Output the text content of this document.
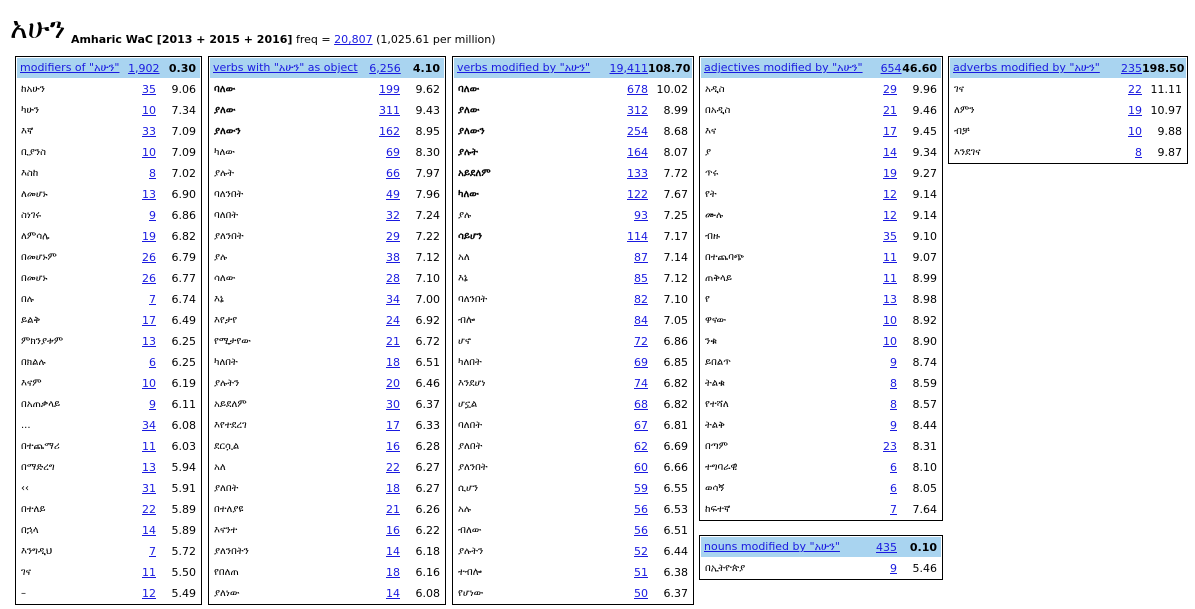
አሁን Amharic WaC [2013 + 2015 + 2016] freq = 20,807 (1,025.61 per million)
modifiers of "አሁን" 1,902 0.30
ከአሁን	35	9.06
ካሁን	10	7.34
እኛ	33	7.09
ቢያንስ	10	7.09
እስከ	8	7.02
ለመሆኑ	13	6.90
ስነገሩ	9	6.86
ለምሳሌ	19	6.82
በመሆኑም	26	6.79
በመሆኑ	26	6.77
በሉ	7	6.74
ይልቅ	17	6.49
ምክንያቱም	13	6.25
በክልሉ	6	6.25
እናም	10	6.19
በአጠቃላይ	9	6.11
...	34	6.08
በተጨማሪ	11	6.03
በማድረግ	13	5.94
‹‹	31	5.91
በተለይ	22	5.89
በኋላ	14	5.89
እንግዲህ	7	5.72
ገና	11	5.50
–	12	5.49
verbs with "አሁን" as object	6,256	4.10
ባለው	199	9.62
ያለው	311	9.43
ያለውን	162	8.95
ካለው	69	8.30
ያሉት	66	7.97
ባለንበት	49	7.96
ባለበት	32	7.24
ያለንበት	29	7.22
ያሉ	38	7.12
ሳለው	28	7.10
እኔ	34	7.00
እየታየ	24	6.92
የሚታየው	21	6.72
ካለበት	18	6.51
ያሉትን	20	6.46
አይደለም	30	6.37
እየተደረገ	17	6.33
ደርሷል	16	6.28
አለ	22	6.27
ያለበት	18	6.27
በተለያዩ	21	6.26
እናንተ	16	6.22
ያለንበትን	14	6.18
የበለጠ	18	6.16
ያለነው	14	6.08
verbs modified by "አሁን"	19,411 108.70
ባለው	678 10.02
ያለው	312	8.99
ያለውን	254	8.68
ያሉት	164	8.07
አይደለም	133	7.72
ካለው	122	7.67
ያሉ	93	7.25
ሳይሆን	114	7.17
አለ	87	7.14
እኔ	85	7.12
ባለንበት	82	7.10
ብሎ	84	7.05
ሆኖ	72	6.86
ካለበት	69	6.85
እንደሆነ	74	6.82
ሆኗል	68	6.82
ባለበት	67	6.81
ያለበት	62	6.69
ያለንበት	60	6.66
ሲሆን	59	6.55
አሉ	56	6.53
ብለው	56	6.51
ያሉትን	52	6.44
ተብሎ	51	6.38
የሆነው	50	6.37
adjectives modified by "አሁን"	654 46.60
አዲስ	29	9.96
በአዲስ	21	9.46
እና	17	9.45
ያ	14	9.34
ጥሩ	19	9.27
የት	12	9.14
ሙሉ	12	9.14
ብዙ	35	9.10
በተጨባጭ	11	9.07
ጠቅላይ	11	8.99
የ	13	8.98
ዋናው	10	8.92
ንቁ	10	8.90
ይበልጥ	9	8.74
ትልቁ	8	8.59
የተሻለ	8	8.57
ትልቅ	9	8.44
በጣም	23	8.31
ተግባራዊ	6	8.10
ወሳኝ	6	8.05
ከፍተኛ	7	7.64
adverbs modified by "አሁን"	235 198.50
ገና	22 11.11
ለምን	19 10.97
ብቻ	10	9.88
እንደገና	8	9.87
nouns modified by "አሁን"	435	0.10
በኢትዮጵያ	9	5.46
